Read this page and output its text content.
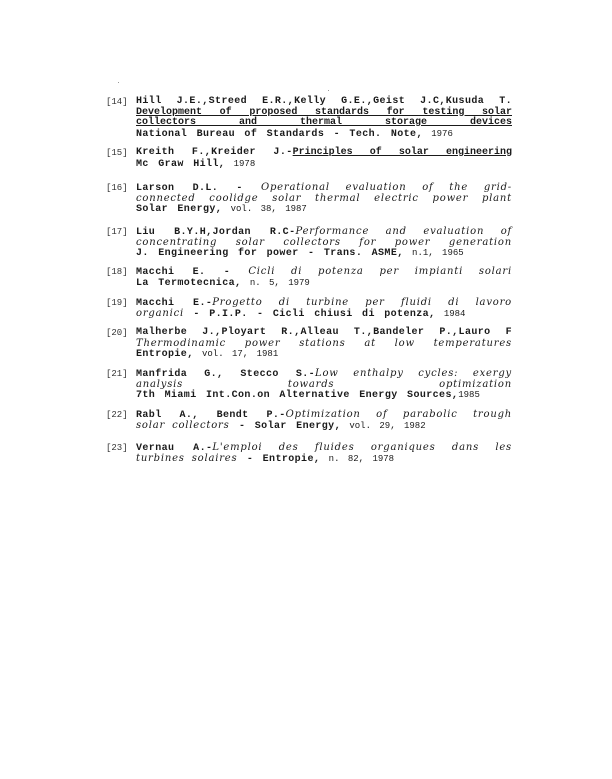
[14] Hill J.E.,Streed E.R.,Kelly G.E.,Geist J.C,Kusuda T.
Development of proposed standards for testing solar
collectors and thermal storage devices
National Bureau of Standards - Tech. Note, 1976
[15] Kreith F.,Kreider J.-Principles of solar engineering
Mc Graw Hill, 1978
[16] Larson D.L. - Operational evaluation of the grid-
connected coolidge solar thermal electric power plant
Solar Energy, vol. 38, 1987
[17] Liu B.Y.H,Jordan R.C-Performance and evaluation of
concentrating solar collectors for power generation
J. Engineering for power - Trans. ASME, n.1, 1965
[18] Macchi E. - Cicli di potenza per impianti solari
La Termotecnica, n. 5, 1979
[19] Macchi E.-Progetto di turbine per fluidi di lavoro
organici - P.I.P. - Cicli chiusi di potenza, 1984
[20] Malherbe J.,Ployart R.,Alleau T.,Bandeler P.,Lauro F
Thermodinamic power stations at low temperatures
Entropie, vol. 17, 1981
[21] Manfrida G., Stecco S.-Low enthalpy cycles: exergy
analysis towards optimization
7th Miami Int.Con.on Alternative Energy Sources,1985
[22] Rabl A., Bendt P.-Optimization of parabolic trough
solar collectors - Solar Energy, vol. 29, 1982
[23] Vernau A.-L'emploi des fluides organiques dans les
turbines solaires - Entropie, n. 82, 1978
